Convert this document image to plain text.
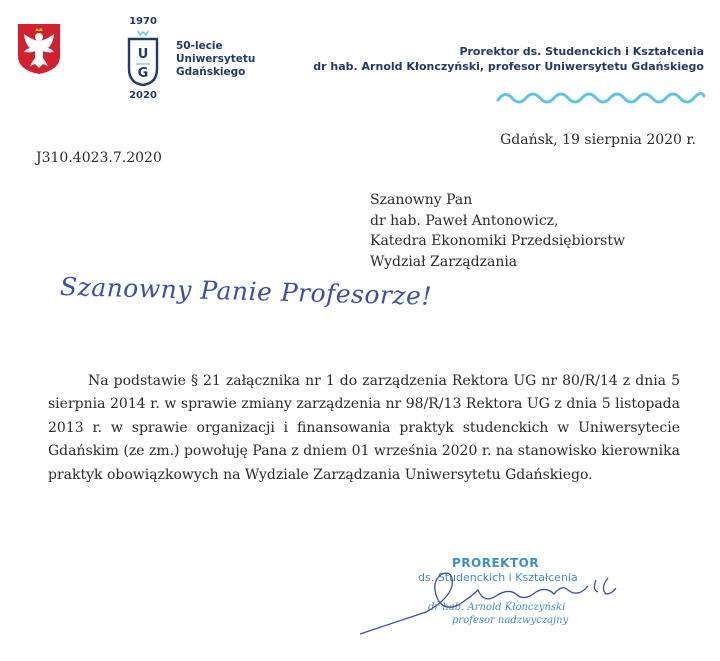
1970
U
G
2020
50-lecie
Uniwersytetu
Gdańskiego
Prorektor ds. Studenckich i Kształcenia
dr hab. Arnold Kłonczyński, profesor Uniwersytetu Gdańskiego
Gdańsk, 19 sierpnia 2020 r.
J310.4023.7.2020
Szanowny Pan
dr hab. Paweł Antonowicz,
Katedra Ekonomiki Przedsiębiorstw
Wydział Zarządzania
Szanowny Panie Profesorze!

Na podstawie § 21 załącznika nr 1 do zarządzenia Rektora UG nr 80/R/14 z dnia 5 sierpnia 2014 r. w sprawie zmiany zarządzenia nr 98/R/13 Rektora UG z dnia 5 listopada 2013 r. w sprawie organizacji i finansowania praktyk studenckich w Uniwersytecie Gdańskim (ze zm.) powołuję Pana z dniem 01 września 2020 r. na stanowisko kierownika praktyk obowiązkowych na Wydziale Zarządzania Uniwersytetu Gdańskiego.

PROREKTOR
ds. Studenckich i Kształcenia
dr hab. Arnold Kłonczyński
profesor nadzwyczajny
